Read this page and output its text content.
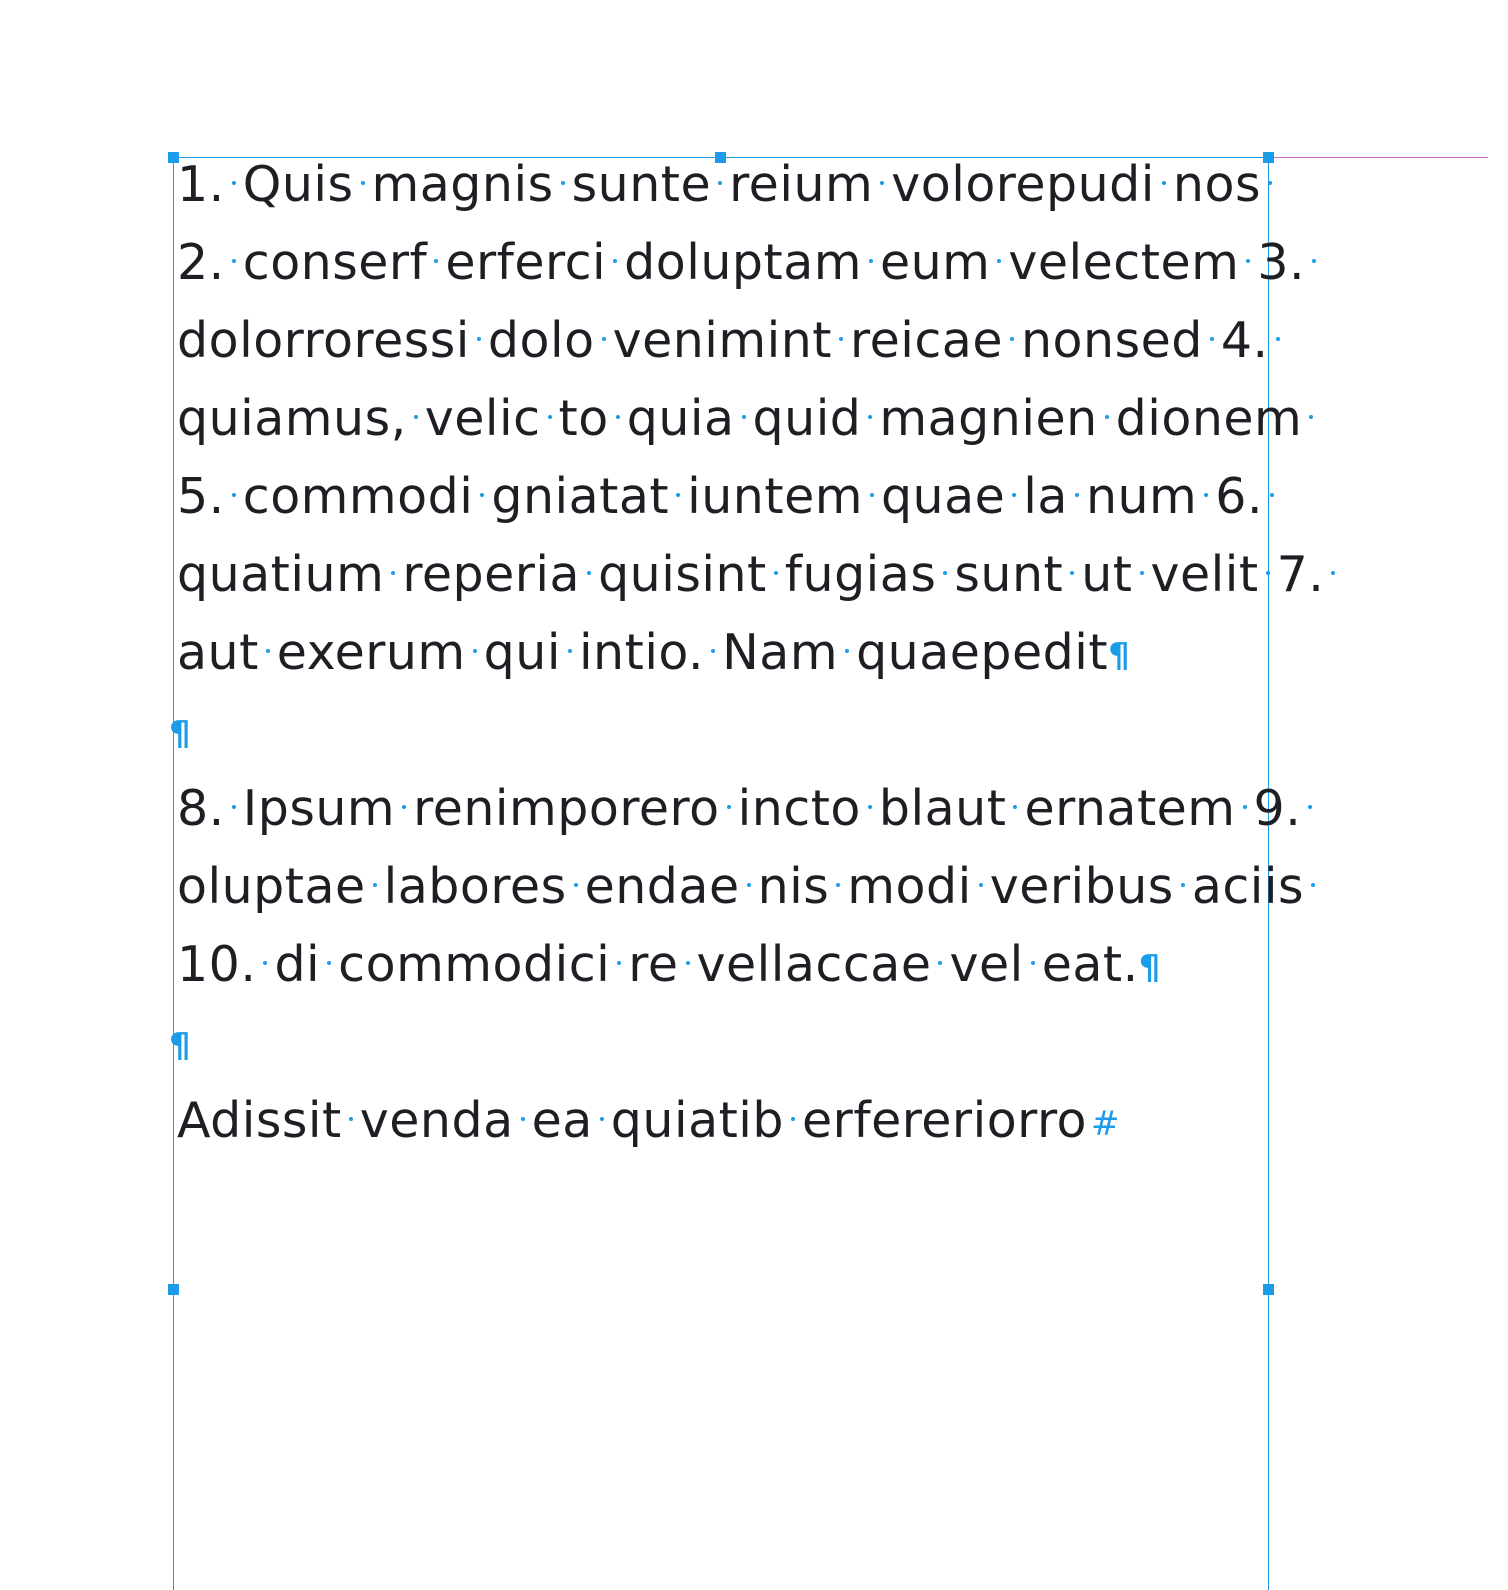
1. Quis magnis sunte reium volorepudi nos
2. conserf erferci doluptam eum velectem 3.
dolorroressi dolo venimint reicae nonsed 4.
quiamus, velic to quia quid magnien dionem
5. commodi gniatat iuntem quae la num 6.
quatium reperia quisint fugias sunt ut velit 7.
aut exerum qui intio. Nam quaepedit¶
¶
8. Ipsum renimporero incto blaut ernatem 9.
oluptae labores endae nis modi veribus aciis
10. di commodici re vellaccae vel eat.¶
¶
Adissit venda ea quiatib erfereriorro #
